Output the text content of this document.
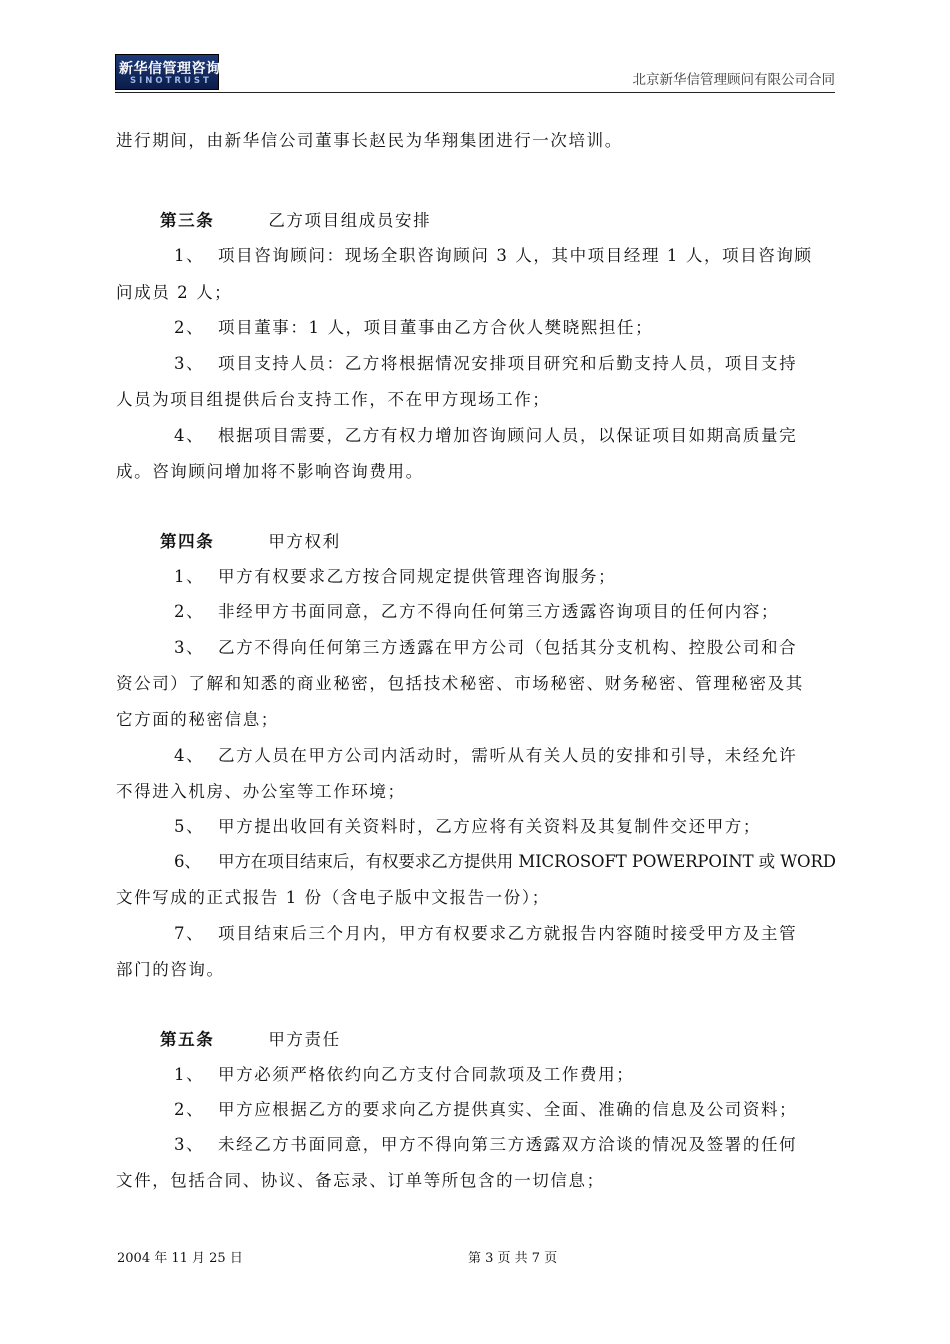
新华信管理咨询
SINOTRUST	北京新华信管理顾问有限公司合同
进行期间，由新华信公司董事长赵民为华翔集团进行一次培训。
第三条	乙方项目组成员安排
1、 项目咨询顾问：现场全职咨询顾问 3 人，其中项目经理 1 人，项目咨询顾
问成员 2 人；
2、 项目董事：1 人，项目董事由乙方合伙人樊晓熙担任；
3、 项目支持人员：乙方将根据情况安排项目研究和后勤支持人员，项目支持
人员为项目组提供后台支持工作，不在甲方现场工作；
4、 根据项目需要，乙方有权力增加咨询顾问人员，以保证项目如期高质量完
成。咨询顾问增加将不影响咨询费用。
第四条	甲方权利
1、 甲方有权要求乙方按合同规定提供管理咨询服务；
2、 非经甲方书面同意，乙方不得向任何第三方透露咨询项目的任何内容；
3、 乙方不得向任何第三方透露在甲方公司（包括其分支机构、控股公司和合
资公司）了解和知悉的商业秘密，包括技术秘密、市场秘密、财务秘密、管理秘密及其
它方面的秘密信息；
4、 乙方人员在甲方公司内活动时，需听从有关人员的安排和引导，未经允许
不得进入机房、办公室等工作环境；
5、 甲方提出收回有关资料时，乙方应将有关资料及其复制件交还甲方；
6、 甲方在项目结束后，有权要求乙方提供用 MICROSOFT POWERPOINT 或 WORD
文件写成的正式报告 1 份（含电子版中文报告一份）；
7、 项目结束后三个月内，甲方有权要求乙方就报告内容随时接受甲方及主管
部门的咨询。
第五条	甲方责任
1、 甲方必须严格依约向乙方支付合同款项及工作费用；
2、 甲方应根据乙方的要求向乙方提供真实、全面、准确的信息及公司资料；
3、 未经乙方书面同意，甲方不得向第三方透露双方洽谈的情况及签署的任何
文件，包括合同、协议、备忘录、订单等所包含的一切信息；
2004 年 11 月 25 日	第 3 页 共 7 页
